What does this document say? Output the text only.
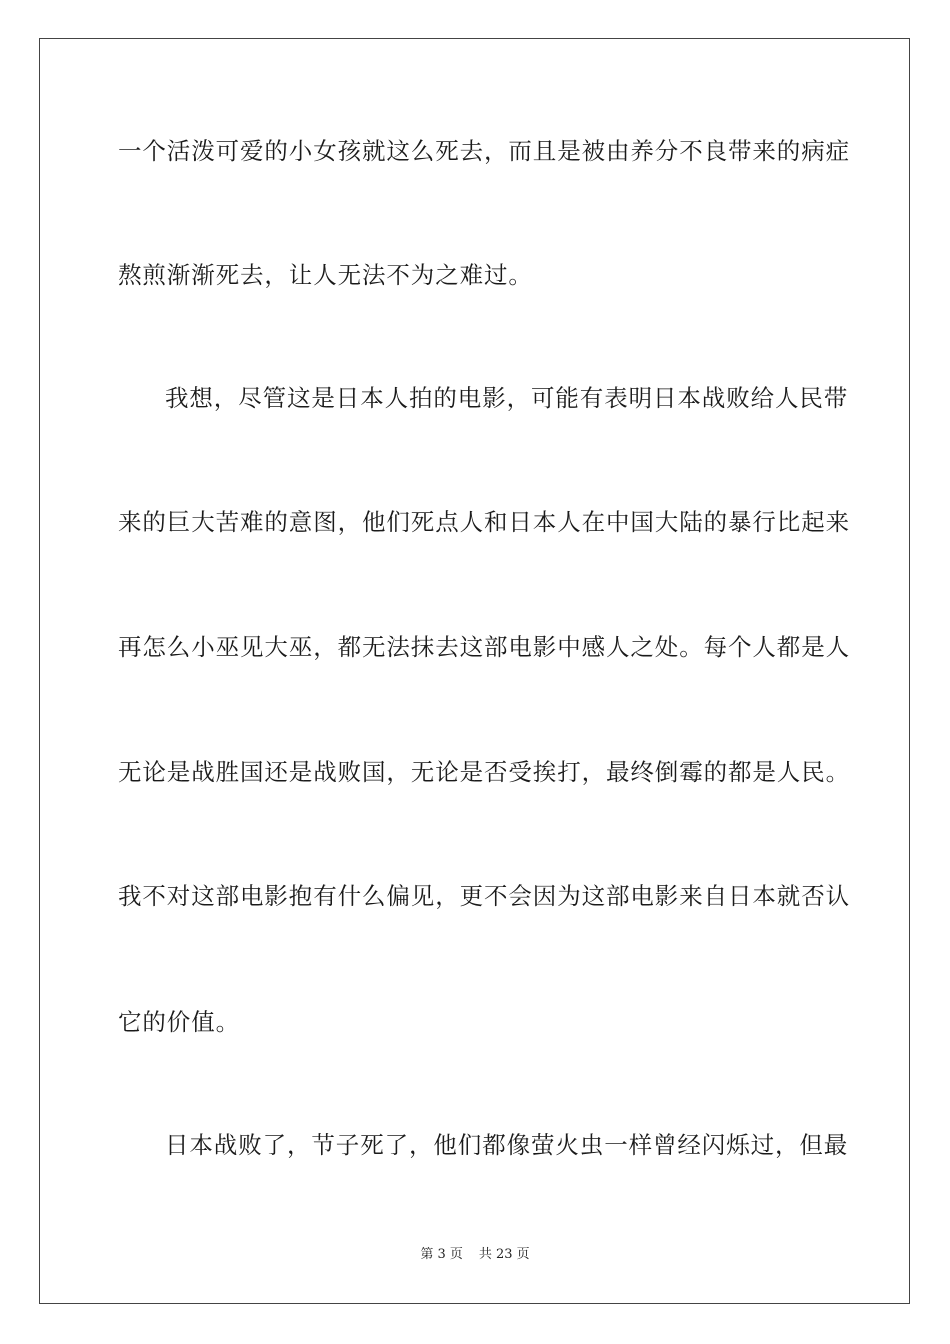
一个活泼可爱的小女孩就这么死去，而且是被由养分不良带来的病症
熬煎渐渐死去，让人无法不为之难过。
我想，尽管这是日本人拍的电影，可能有表明日本战败给人民带
来的巨大苦难的意图，他们死点人和日本人在中国大陆的暴行比起来
再怎么小巫见大巫，都无法抹去这部电影中感人之处。每个人都是人
无论是战胜国还是战败国，无论是否受挨打，最终倒霉的都是人民。
我不对这部电影抱有什么偏见，更不会因为这部电影来自日本就否认
它的价值。
日本战败了，节子死了，他们都像萤火虫一样曾经闪烁过，但最
第 3 页 共 23 页
